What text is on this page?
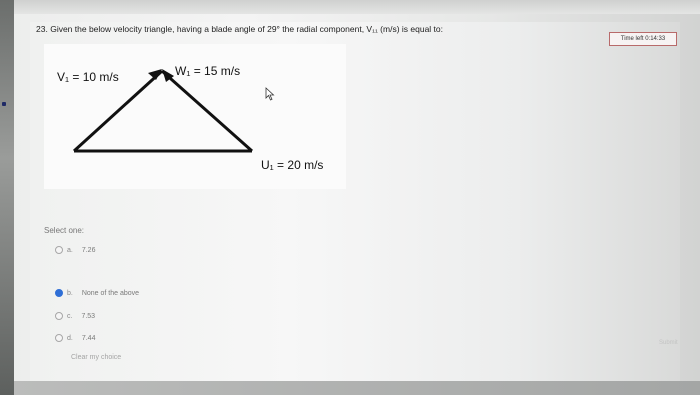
23. Given the below velocity triangle, having a blade angle of 29° the radial component, V₁₁ (m/s) is equal to:
Time left 0:14:33
V₁ = 10 m/s	W₁ = 15 m/s
U₁ = 20 m/s
Select one:
a. 7.26
b. None of the above
c. 7.53
d. 7.44
Clear my choice
Submit
